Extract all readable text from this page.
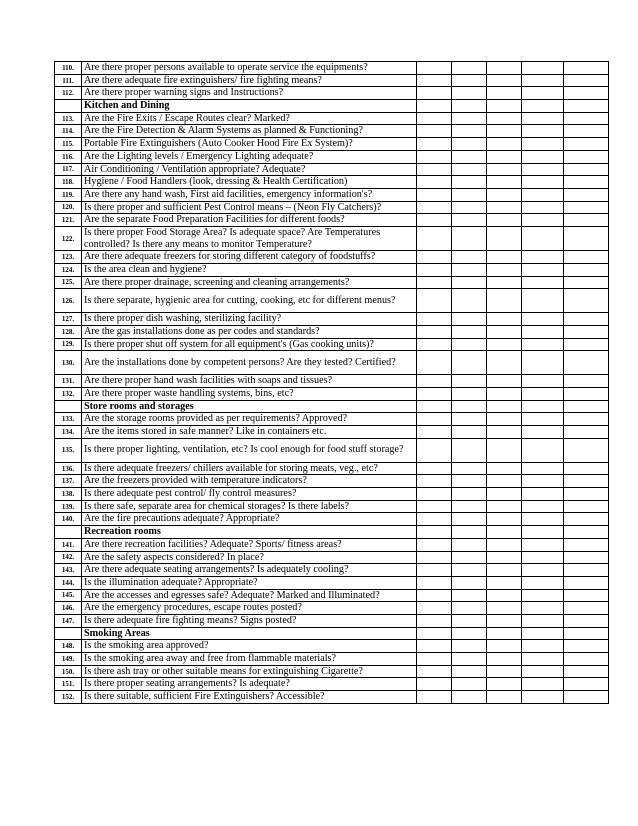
110.	Are there proper persons available to operate service the equipments?					
111.	Are there adequate fire extinguishers/ fire fighting means?					
112.	Are there proper warning signs and Instructions?					
	Kitchen and Dining					
113.	Are the Fire Exits / Escape Routes clear? Marked?					
114.	Are the Fire Detection & Alarm Systems as planned & Functioning?					
115.	Portable Fire Extinguishers (Auto Cooker Hood Fire Ex System)?					
116.	Are the Lighting levels / Emergency Lighting adequate?					
117.	Air Conditioning / Ventilation appropriate? Adequate?					
118.	Hygiene / Food Handlers (look, dressing & Health Certification)					
119.	Are there any hand wash, First aid facilities, emergency information's?					
120.	Is there proper and sufficient Pest Control means – (Neon Fly Catchers)?					
121.	Are the separate Food Preparation Facilities for different foods?					
122.	Is there proper Food Storage Area? Is adequate space? Are Temperatures controlled? Is there any means to monitor Temperature?					
123.	Are there adequate freezers for storing different category of foodstuffs?					
124.	Is the area clean and hygiene?					
125.	Are there proper drainage, screening and cleaning arrangements?					
126.	Is there separate, hygienic area for cutting, cooking, etc for different menus?					
127.	Is there proper dish washing, sterilizing facility?					
128.	Are the gas installations done as per codes and standards?					
129.	Is there proper shut off system for all equipment's (Gas cooking units)?					
130.	Are the installations done by competent persons? Are they tested? Certified?					
131.	Are there proper hand wash facilities with soaps and tissues?					
132.	Are there proper waste handling systems, bins, etc?					
	Store rooms and storages					
133.	Are the storage rooms provided as per requirements? Approved?					
134.	Are the items stored in safe manner? Like in containers etc.					
135.	Is there proper lighting, ventilation, etc? Is cool enough for food stuff storage?					
136.	Is there adequate freezers/ chillers available for storing meats, veg., etc?					
137.	Are the freezers provided with temperature indicators?					
138.	Is there adequate pest control/ fly control measures?					
139.	Is there safe, separate area for chemical storages? Is there labels?					
140.	Are the fire precautions adequate? Appropriate?					
	Recreation rooms					
141.	Are there recreation facilities? Adequate? Sports/ fitness areas?					
142.	Are the safety aspects considered? In place?					
143.	Are there adequate seating arrangements? Is adequately cooling?					
144.	Is the illumination adequate? Appropriate?					
145.	Are the accesses and egresses safe? Adequate? Marked and Illuminated?					
146.	Are the emergency procedures, escape routes posted?					
147.	Is there adequate fire fighting means? Signs posted?					
	Smoking Areas					
148.	Is the smoking area approved?					
149.	Is the smoking area away and free from flammable materials?					
150.	Is there ash tray or other suitable means for extinguishing Cigarette?					
151.	Is there proper seating arrangements? Is adequate?					
152.	Is there suitable, sufficient Fire Extinguishers? Accessible?					
